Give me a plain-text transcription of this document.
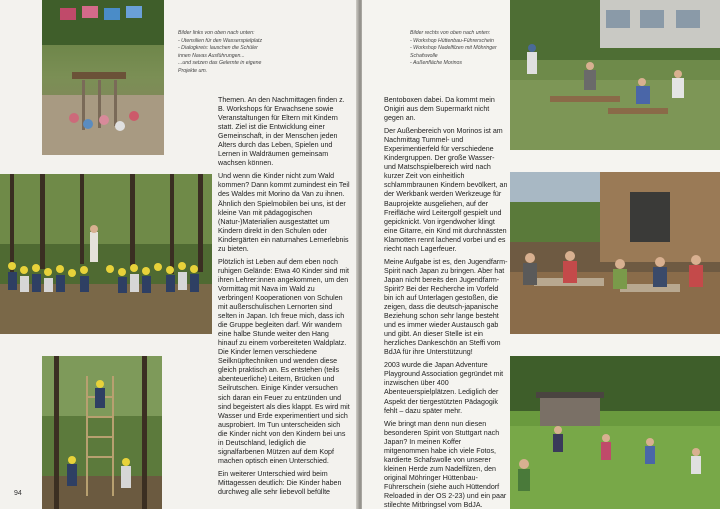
Bilder links von oben nach unten:
- Utensilien für den Wasserspielplatz
- Dialogkreis: lauschen die Schüler
innen Navas Ausführungen...
...und setzen das Gelernte in eigene
Projekte um.

Themen. An den Nachmittagen finden z. B. Workshops für Erwachsene sowie Veranstaltungen für Eltern mit Kindern statt. Ziel ist die Entwicklung einer Gemeinschaft, in der Menschen jeden Alters durch das Leben, Spielen und Lernen in Waldräumen gemeinsam wachsen können.

Und wenn die Kinder nicht zum Wald kommen? Dann kommt zumindest ein Teil des Waldes mit Morino da Van zu ihnen. Ähnlich den Spielmobilen bei uns, ist der kleine Van mit pädagogischen (Natur-)Materialien ausgestattet um Kindern direkt in den Schulen oder Kindergärten ein naturnahes Lernerlebnis zu bieten.

Plötzlich ist Leben auf dem eben noch ruhigen Gelände: Etwa 40 Kinder sind mit ihren Lehrer:innen angekommen, um den Vormittag mit Nava im Wald zu verbringen! Kooperationen von Schulen mit außerschulischen Lernorten sind selten in Japan. Ich freue mich, dass ich die Gruppe begleiten darf. Wir wandern eine halbe Stunde weiter den Hang hinauf zu einem vorbereiteten Waldplatz. Die Kinder lernen verschiedene Seilknüpftechniken und wenden diese gleich praktisch an. Es entstehen (teils abenteuerliche) Leitern, Brücken und Seilrutschen. Einige Kinder versuchen sich daran ein Feuer zu entzünden und sind begeistert als dies klappt. Es wird mit Wasser und Erde experimentiert und sich ausprobiert. Im Tun unterscheiden sich die Kinder nicht von den Kindern bei uns in Deutschland, lediglich die signalfarbenen Mützen auf dem Kopf machen optisch einen Unterschied.

Ein weiterer Unterschied wird beim Mittagessen deutlich: Die Kinder haben durchweg alle sehr liebevoll befüllte

94
Bilder rechts von oben nach unten:
- Workshop Hüttenbau-Führerschein
- Workshop Nadelfilzen mit Möhringer
Schafswolle
- Außenfläche Morinos

Bentoboxen dabei. Da kommt mein Onigiri aus dem Supermarkt nicht gegen an.

Der Außenbereich von Morinos ist am Nachmittag Tummel- und Experimentierfeld für verschiedene Kindergruppen. Der große Wasser- und Matschspielbereich wird nach kurzer Zeit von einheitlich schlammbraunen Kindern bevölkert, an der Werkbank werden Werkzeuge für Bauprojekte ausgeliehen, auf der Freifläche wird Leitergolf gespielt und gepicknickt. Von irgendwoher klingt eine Gitarre, ein Kind mit durchnässten Klamotten rennt lachend vorbei und es riecht nach Lagerfeuer.

Meine Aufgabe ist es, den Jugendfarm-Spirit nach Japan zu bringen. Aber hat Japan nicht bereits den Jugendfarm-Spirit? Bei der Recherche im Vorfeld bin ich auf Unterlagen gestoßen, die zeigen, dass die deutsch-japanische Beziehung schon sehr lange besteht und es immer wieder Austausch gab und gibt. An dieser Stelle ist ein herzliches Dankeschön an Steffi vom BdJA für ihre Unterstützung!

2003 wurde die Japan Adventure Playground Association gegründet mit inzwischen über 400 Abenteuerspielplätzen. Lediglich der Aspekt der tiergestützten Pädagogik fehlt – dazu später mehr.

Wie bringt man denn nun diesen besonderen Spirit von Stuttgart nach Japan? In meinen Koffer mitgenommen habe ich viele Fotos, kardierte Schafswolle von unserer kleinen Herde zum Nadelfilzen, den original Möhringer Hüttenbau-Führerschein (siehe auch Hüttendorf Reloaded in der OS 2-23) und ein paar stilechte Mitbringsel vom BdJA.
